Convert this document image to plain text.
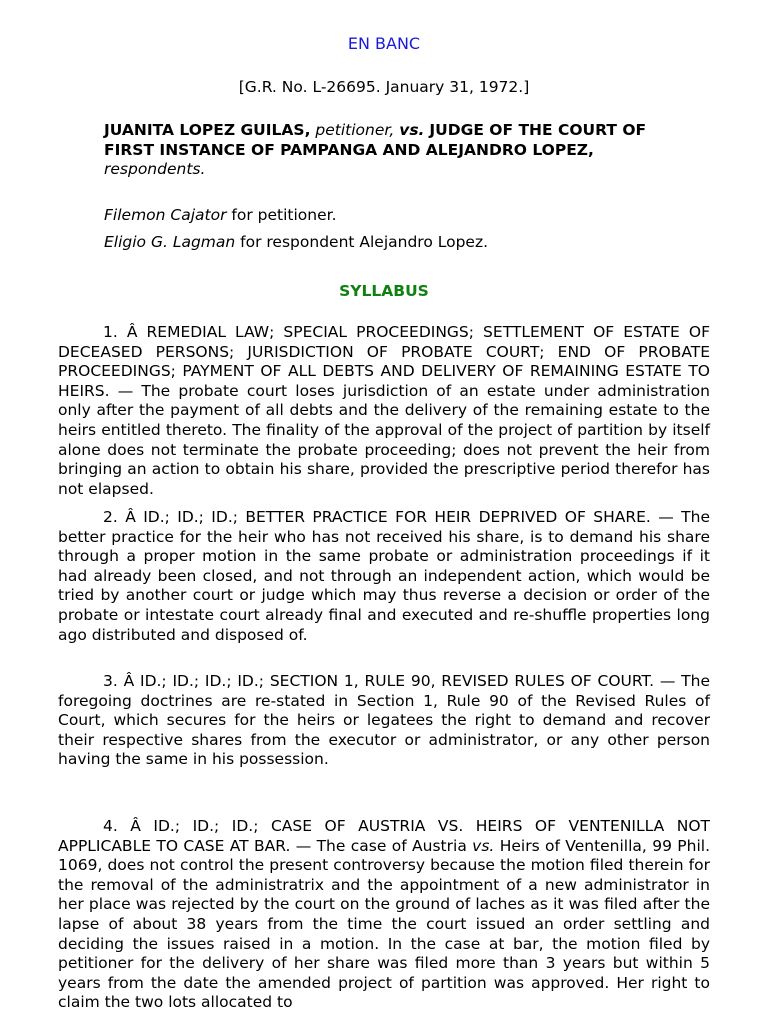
EN BANC
[G.R. No. L-26695. January 31, 1972.]
JUANITA LOPEZ GUILAS, petitioner, vs. JUDGE OF THE COURT OF FIRST INSTANCE OF PAMPANGA AND ALEJANDRO LOPEZ, respondents.
Filemon Cajator for petitioner.
Eligio G. Lagman for respondent Alejandro Lopez.
SYLLABUS
1. Â REMEDIAL LAW; SPECIAL PROCEEDINGS; SETTLEMENT OF ESTATE OF DECEASED PERSONS; JURISDICTION OF PROBATE COURT; END OF PROBATE PROCEEDINGS; PAYMENT OF ALL DEBTS AND DELIVERY OF REMAINING ESTATE TO HEIRS. — The probate court loses jurisdiction of an estate under administration only after the payment of all debts and the delivery of the remaining estate to the heirs entitled thereto. The finality of the approval of the project of partition by itself alone does not terminate the probate proceeding; does not prevent the heir from bringing an action to obtain his share, provided the prescriptive period therefor has not elapsed.
2. Â ID.; ID.; ID.; BETTER PRACTICE FOR HEIR DEPRIVED OF SHARE. — The better practice for the heir who has not received his share, is to demand his share through a proper motion in the same probate or administration proceedings if it had already been closed, and not through an independent action, which would be tried by another court or judge which may thus reverse a decision or order of the probate or intestate court already final and executed and re-shuffle properties long ago distributed and disposed of.
3. Â ID.; ID.; ID.; ID.; SECTION 1, RULE 90, REVISED RULES OF COURT. — The foregoing doctrines are re-stated in Section 1, Rule 90 of the Revised Rules of Court, which secures for the heirs or legatees the right to demand and recover their respective shares from the executor or administrator, or any other person having the same in his possession.
4. Â ID.; ID.; ID.; CASE OF AUSTRIA VS. HEIRS OF VENTENILLA NOT APPLICABLE TO CASE AT BAR. — The case of Austria vs. Heirs of Ventenilla, 99 Phil. 1069, does not control the present controversy because the motion filed therein for the removal of the administratrix and the appointment of a new administrator in her place was rejected by the court on the ground of laches as it was filed after the lapse of about 38 years from the time the court issued an order settling and deciding the issues raised in a motion. In the case at bar, the motion filed by petitioner for the delivery of her share was filed more than 3 years but within 5 years from the date the amended project of partition was approved. Her right to claim the two lots allocated to
